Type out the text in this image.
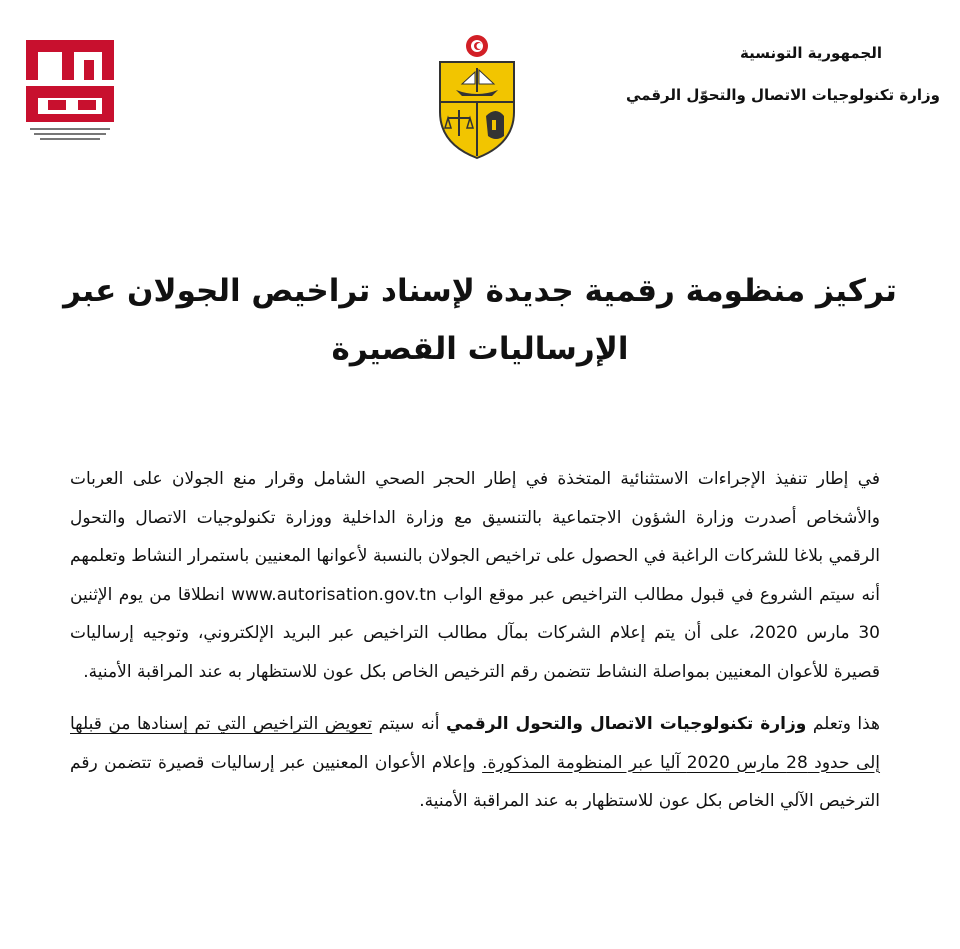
الجمهورية التونسية
وزارة تكنولوجيات الاتصال والتحوّل الرقمي
تركيز منظومة رقمية جديدة لإسناد تراخيص الجولان عبر
الإرساليات القصيرة

في إطار تنفيذ الإجراءات الاستثنائية المتخذة في إطار الحجر الصحي الشامل وقرار منع الجولان على العربات والأشخاص أصدرت وزارة الشؤون الاجتماعية بالتنسيق مع وزارة الداخلية ووزارة تكنولوجيات الاتصال والتحول الرقمي بلاغا للشركات الراغبة في الحصول على تراخيص الجولان بالنسبة لأعوانها المعنيين باستمرار النشاط وتعلمهم أنه سيتم الشروع في قبول مطالب التراخيص عبر موقع الواب www.autorisation.gov.tn انطلاقا من يوم الإثنين 30 مارس 2020، على أن يتم إعلام الشركات بمآل مطالب التراخيص عبر البريد الإلكتروني، وتوجيه إرساليات قصيرة للأعوان المعنيين بمواصلة النشاط تتضمن رقم الترخيص الخاص بكل عون للاستظهار به عند المراقبة الأمنية.

هذا وتعلم وزارة تكنولوجيات الاتصال والتحول الرقمي أنه سيتم تعويض التراخيص التي تم إسنادها من قبلها إلى حدود 28 مارس 2020 آليا عبر المنظومة المذكورة. وإعلام الأعوان المعنيين عبر إرساليات قصيرة تتضمن رقم الترخيص الآلي الخاص بكل عون للاستظهار به عند المراقبة الأمنية.
